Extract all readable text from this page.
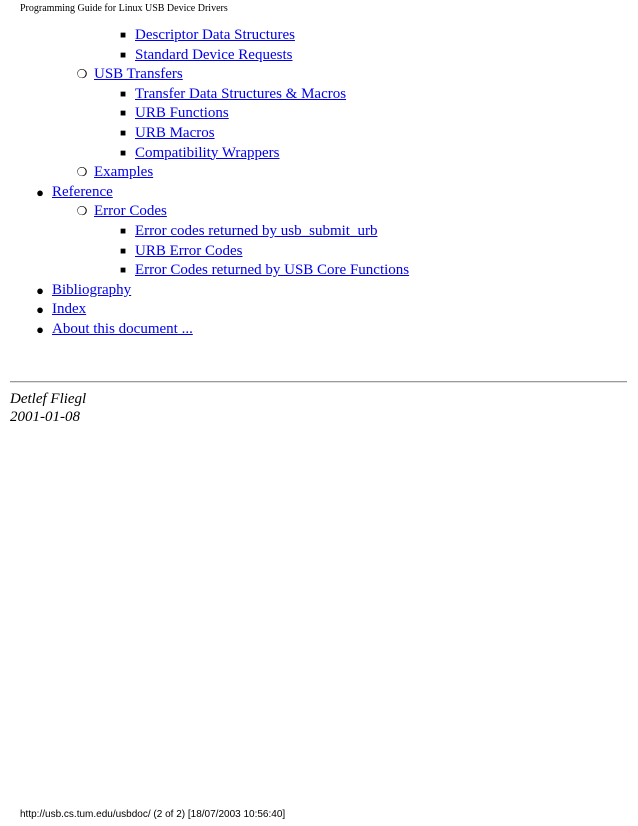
Programming Guide for Linux USB Device Drivers
■ Descriptor Data Structures
■ Standard Device Requests
❍ USB Transfers
■ Transfer Data Structures & Macros
■ URB Functions
■ URB Macros
■ Compatibility Wrappers
❍ Examples
● Reference
❍ Error Codes
■ Error codes returned by usb_submit_urb
■ URB Error Codes
■ Error Codes returned by USB Core Functions
● Bibliography
● Index
● About this document ...
Detlef Fliegl
2001-01-08
http://usb.cs.tum.edu/usbdoc/ (2 of 2) [18/07/2003 10:56:40]
